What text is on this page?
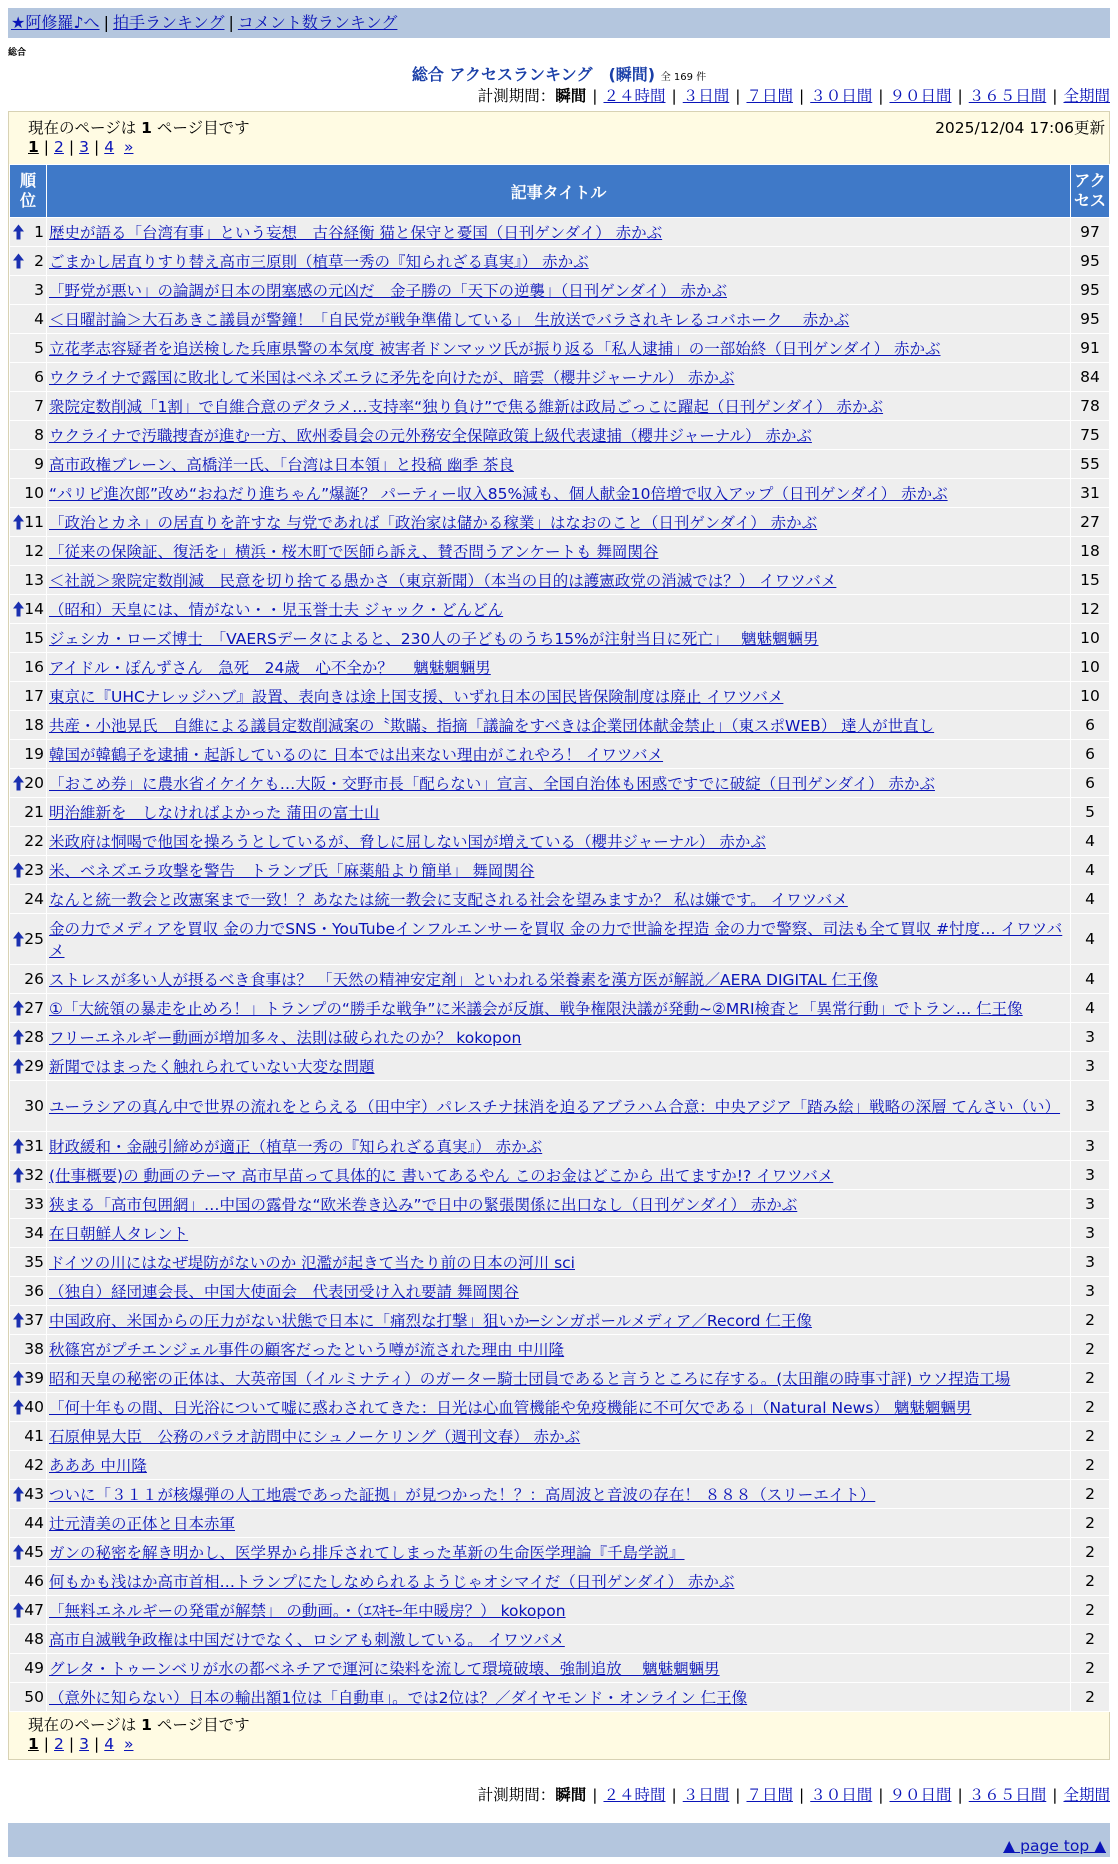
★阿修羅♪へ | 拍手ランキング | コメント数ランキング
総合
総合 アクセスランキング　(瞬間) 全 169 件
計測期間：瞬間 | ２４時間 | ３日間 | ７日間 | ３０日間 | ９０日間 | ３６５日間 | 全期間
現在のページは 1 ページ目です	2025/12/04 17:06更新
1 | 2 | 3 | 4 »
順位	記事タイトル	アクセス

1	歴史が語る「台湾有事」という妄想　古谷経衡 猫と保守と憂国（日刊ゲンダイ） 赤かぶ	97

2	ごまかし居直りすり替え高市三原則（植草一秀の『知られざる真実』） 赤かぶ	95
3	「野党が悪い」の論調が日本の閉塞感の元凶だ　金子勝の「天下の逆襲」（日刊ゲンダイ） 赤かぶ	95
4	＜日曜討論＞大石あきこ議員が警鐘！「自民党が戦争準備している」 生放送でバラされキレるコバホーク　 赤かぶ	95
5	立花孝志容疑者を追送検した兵庫県警の本気度 被害者ドンマッツ氏が振り返る「私人逮捕」の一部始終（日刊ゲンダイ） 赤かぶ	91
6	ウクライナで露国に敗北して米国はベネズエラに矛先を向けたが、暗雲（櫻井ジャーナル） 赤かぶ	84
7	衆院定数削減「1割」で自維合意のデタラメ…支持率“独り負け”で焦る維新は政局ごっこに躍起（日刊ゲンダイ） 赤かぶ	78
8	ウクライナで汚職捜査が進む一方、欧州委員会の元外務安全保障政策上級代表逮捕（櫻井ジャーナル） 赤かぶ	75
9	高市政権ブレーン、高橋洋一氏、「台湾は日本領」と投稿 幽季 茶良	55
10	“パリピ進次郎”改め“おねだり進ちゃん”爆誕？ パーティー収入85%減も、個人献金10倍増で収入アップ（日刊ゲンダイ） 赤かぶ	31

11	「政治とカネ」の居直りを許すな 与党であれば「政治家は儲かる稼業」はなおのこと（日刊ゲンダイ） 赤かぶ	27
12	「従来の保険証、復活を」横浜・桜木町で医師ら訴え、賛否問うアンケートも 舞岡関谷	18
13	＜社説＞衆院定数削減　民意を切り捨てる愚かさ（東京新聞）（本当の目的は護憲政党の消滅では？） イワツバメ	15

14	（昭和）天皇には、情がない・・児玉誉士夫 ジャック・どんどん	12
15	ジェシカ・ローズ博士　「VAERSデータによると、230人の子どものうち15%が注射当日に死亡」　 魑魅魍魎男	10
16	アイドル・ぽんずさん　急死　24歳　心不全か？　 魑魅魍魎男	10
17	東京に『UHCナレッジハブ』設置、表向きは途上国支援、いずれ日本の国民皆保険制度は廃止 イワツバメ	10
18	共産・小池晃氏　自維による議員定数削減案の〝欺瞞〟指摘「議論をすべきは企業団体献金禁止」（東スポWEB） 達人が世直し	6
19	韓国が韓鶴子を逮捕・起訴しているのに 日本では出来ない理由がこれやろ！ イワツバメ	6

20	「おこめ券」に農水省イケイケも…大阪・交野市長「配らない」宣言、全国自治体も困惑ですでに破綻（日刊ゲンダイ） 赤かぶ	6
21	明治維新を　しなければよかった 蒲田の富士山	5
22	米政府は恫喝で他国を操ろうとしているが、脅しに屈しない国が増えている（櫻井ジャーナル） 赤かぶ	4

23	米、ベネズエラ攻撃を警告　トランプ氏「麻薬船より簡単」 舞岡関谷	4
24	なんと統一教会と改憲案まで一致！？あなたは統一教会に支配される社会を望みますか？ 私は嫌です。 イワツバメ	4

25	金の力でメディアを買収 金の力でSNS・YouTubeインフルエンサーを買収 金の力で世論を捏造 金の力で警察、司法も全て買収 #忖度… イワツバメ	4
26	ストレスが多い人が摂るべき食事は？ 「天然の精神安定剤」といわれる栄養素を漢方医が解説／AERA DIGITAL 仁王像	4

27	①「大統領の暴走を止めろ！」トランプの“勝手な戦争”に米議会が反旗、戦争権限決議が発動~②MRI検査と「異常行動」でトラン… 仁王像	4

28	フリーエネルギー動画が増加多々、法則は破られたのか？ kokopon	3

29	新聞ではまったく触れられていない大変な問題	3
30	ユーラシアの真ん中で世界の流れをとらえる（田中宇）パレスチナ抹消を迫るアブラハム合意：中央アジア「踏み絵」戦略の深層 てんさい（い）	3

31	財政緩和・金融引締めが適正（植草一秀の『知られざる真実』） 赤かぶ	3

32	(仕事概要)の 動画のテーマ 高市早苗って具体的に 書いてあるやん このお金はどこから 出てますか!? イワツバメ	3
33	狭まる「高市包囲網」…中国の露骨な“欧米巻き込み”で日中の緊張関係に出口なし（日刊ゲンダイ） 赤かぶ	3
34	在日朝鮮人タレント	3
35	ドイツの川にはなぜ堤防がないのか 氾濫が起きて当たり前の日本の河川 sci	3
36	（独自）経団連会長、中国大使面会　代表団受け入れ要請 舞岡関谷	3

37	中国政府、米国からの圧力がない状態で日本に「痛烈な打撃」狙いか─シンガポールメディア／Record 仁王像	2
38	秋篠宮がプチエンジェル事件の顧客だったという噂が流された理由 中川隆	2

39	昭和天皇の秘密の正体は、大英帝国（イルミナティ）のガーター騎士団員であると言うところに存する。(太田龍の時事寸評) ウソ捏造工場	2

40	「何十年もの間、日光浴について嘘に惑わされてきた：日光は心血管機能や免疫機能に不可欠である」（Natural News） 魑魅魍魎男	2
41	石原伸晃大臣　公務のパラオ訪問中にシュノーケリング（週刊文春） 赤かぶ	2
42	あああ 中川隆	2

43	ついに「３１１が核爆弾の人工地震であった証拠」が見つかった！？：高周波と音波の存在！ ８８８（スリーエイト）	2
44	辻元清美の正体と日本赤軍	2

45	ガンの秘密を解き明かし、医学界から排斥されてしまった革新の生命医学理論『千島学説』	2
46	何もかも浅はか高市首相…トランプにたしなめられるようじゃオシマイだ（日刊ゲンダイ） 赤かぶ	2

47	「無料エネルギーの発電が解禁」 の動画。・（ｴｽｷﾓｰ年中暖房？） kokopon	2
48	高市自滅戦争政権は中国だけでなく、ロシアも刺激している。 イワツバメ	2
49	グレタ・トゥーンベリが水の都ベネチアで運河に染料を流して環境破壊、強制追放　 魑魅魍魎男	2
50	（意外に知らない）日本の輸出額1位は「自動車」。では2位は？／ダイヤモンド・オンライン 仁王像	2
現在のページは 1 ページ目です
1 | 2 | 3 | 4 »
計測期間：瞬間 | ２４時間 | ３日間 | ７日間 | ３０日間 | ９０日間 | ３６５日間 | 全期間
▲ page top ▲
